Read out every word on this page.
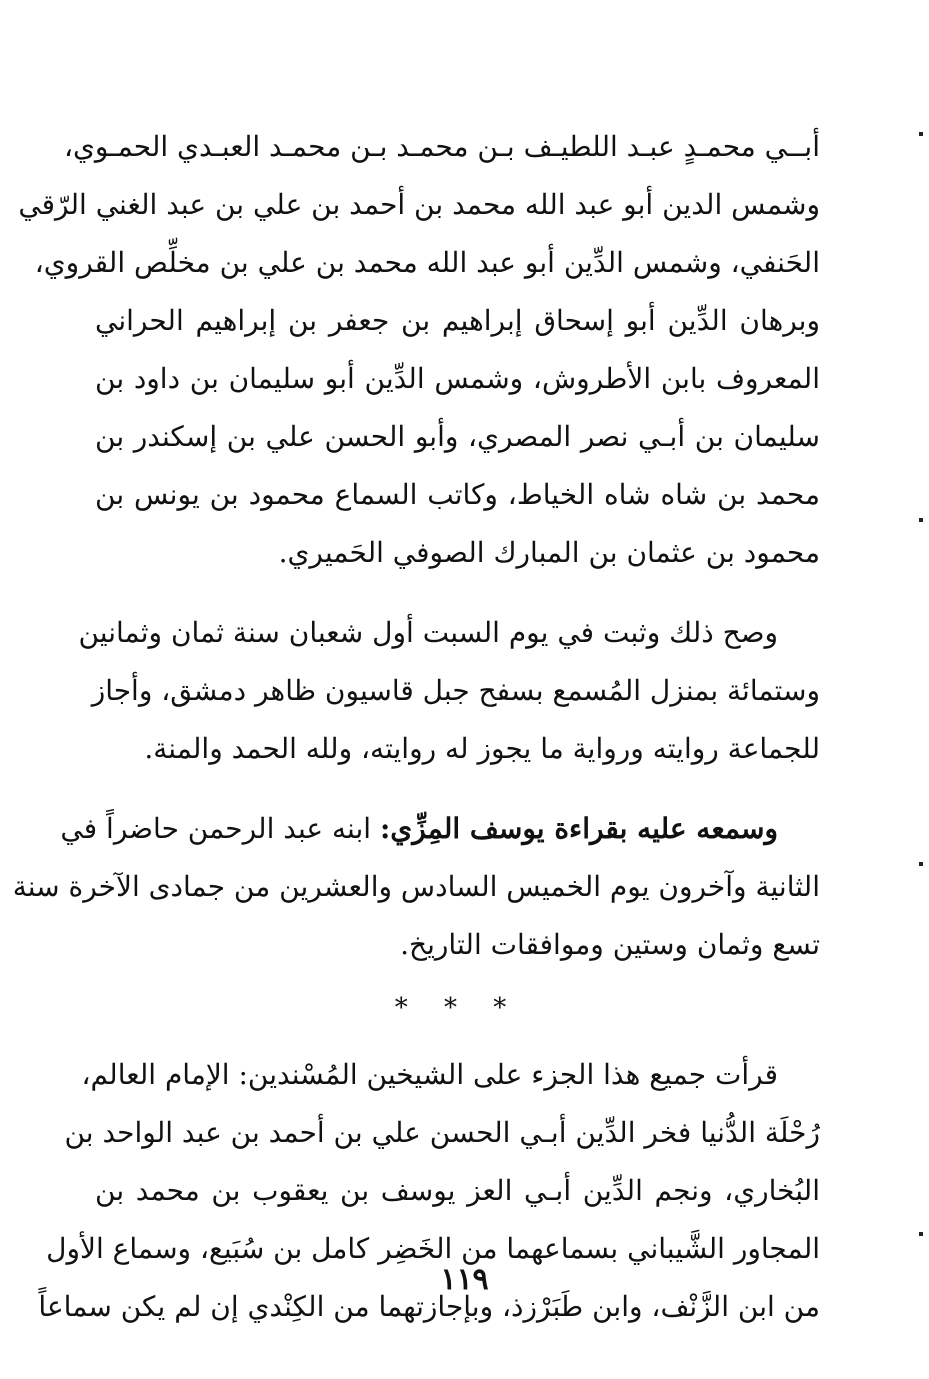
أبــي محمـدٍ عبـد اللطيـف بـن محمـد بـن محمـد العبـدي الحمـوي،
وشمس الدين أبو عبد الله محمد بن أحمد بن علي بن عبد الغني الرّقي
الحَنفي، وشمس الدِّين أبو عبد الله محمد بن علي بن مخلِّص القروي،
وبرهان الدِّين أبو إسحاق إبراهيم بن جعفر بن إبراهيم الحراني
المعروف بابن الأطروش، وشمس الدِّين أبو سليمان بن داود بن
سليمان بن أبـي نصر المصري، وأبو الحسن علي بن إسكندر بن
محمد بن شاه شاه الخياط، وكاتب السماع محمود بن يونس بن
محمود بن عثمان بن المبارك الصوفي الحَميري.
وصح ذلك وثبت في يوم السبت أول شعبان سنة ثمان وثمانين
وستمائة بمنزل المُسمع بسفح جبل قاسيون ظاهر دمشق، وأجاز
للجماعة روايته ورواية ما يجوز له روايته، ولله الحمد والمنة.
وسمعه عليه بقراءة يوسف المِزِّي: ابنه عبد الرحمن حاضراً في
الثانية وآخرون يوم الخميس السادس والعشرين من جمادى الآخرة سنة
تسع وثمان وستين وموافقات التاريخ.
* * *
قرأت جميع هذا الجزء على الشيخين المُسْندين: الإمام العالم،
رُحْلَة الدُّنيا فخر الدِّين أبـي الحسن علي بن أحمد بن عبد الواحد بن
البُخاري، ونجم الدِّين أبـي العز يوسف بن يعقوب بن محمد بن
المجاور الشَّيباني بسماعهما من الخَضِر كامل بن سُبَيع، وسماع الأول
من ابن الزَّنْف، وابن طَبَرْزذ، وبإجازتهما من الكِنْدي إن لم يكن سماعاً
١١٩
